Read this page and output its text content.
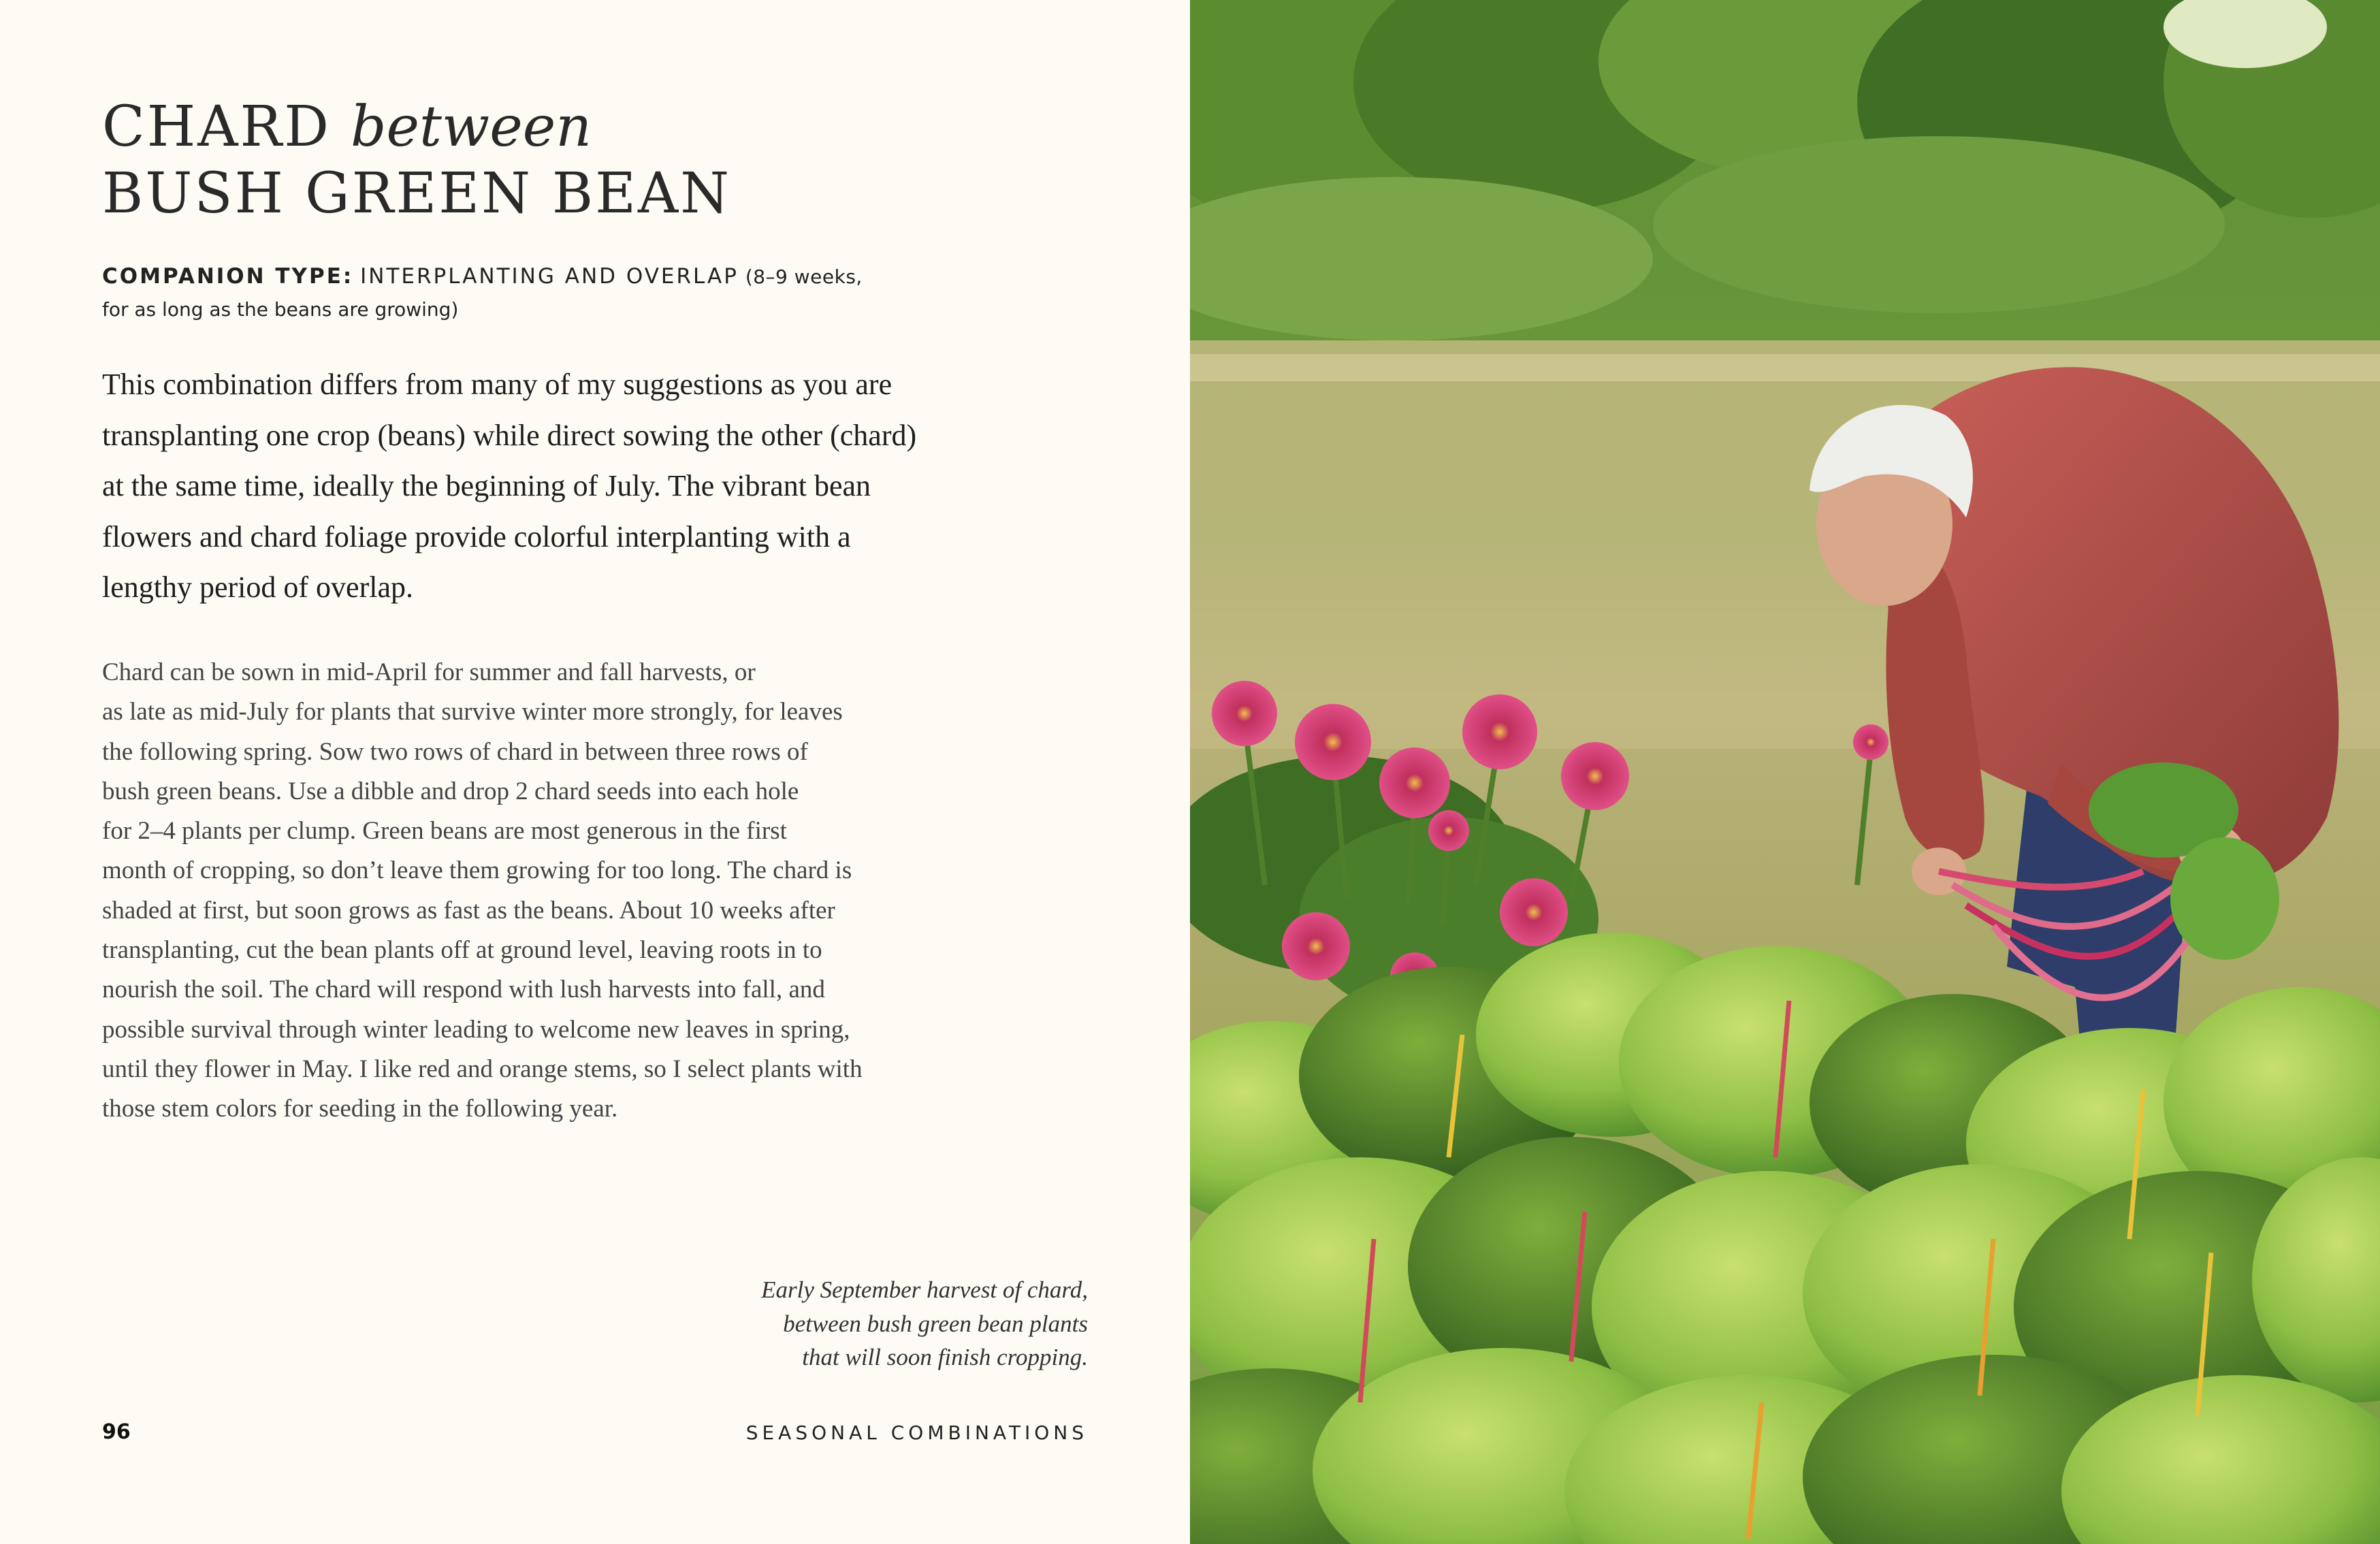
CHARD between
BUSH GREEN BEAN
COMPANION TYPE: INTERPLANTING AND OVERLAP (8–9 weeks,
for as long as the beans are growing)
This combination differs from many of my suggestions as you are
transplanting one crop (beans) while direct sowing the other (chard)
at the same time, ideally the beginning of July. The vibrant bean
flowers and chard foliage provide colorful interplanting with a
lengthy period of overlap.
Chard can be sown in mid-April for summer and fall harvests, or
as late as mid-July for plants that survive winter more strongly, for leaves
the following spring. Sow two rows of chard in between three rows of
bush green beans. Use a dibble and drop 2 chard seeds into each hole
for 2–4 plants per clump. Green beans are most generous in the first
month of cropping, so don’t leave them growing for too long. The chard is
shaded at first, but soon grows as fast as the beans. About 10 weeks after
transplanting, cut the bean plants off at ground level, leaving roots in to
nourish the soil. The chard will respond with lush harvests into fall, and
possible survival through winter leading to welcome new leaves in spring,
until they flower in May. I like red and orange stems, so I select plants with
those stem colors for seeding in the following year.
Early September harvest of chard,
between bush green bean plants
that will soon finish cropping.
96	SEASONAL COMBINATIONS
